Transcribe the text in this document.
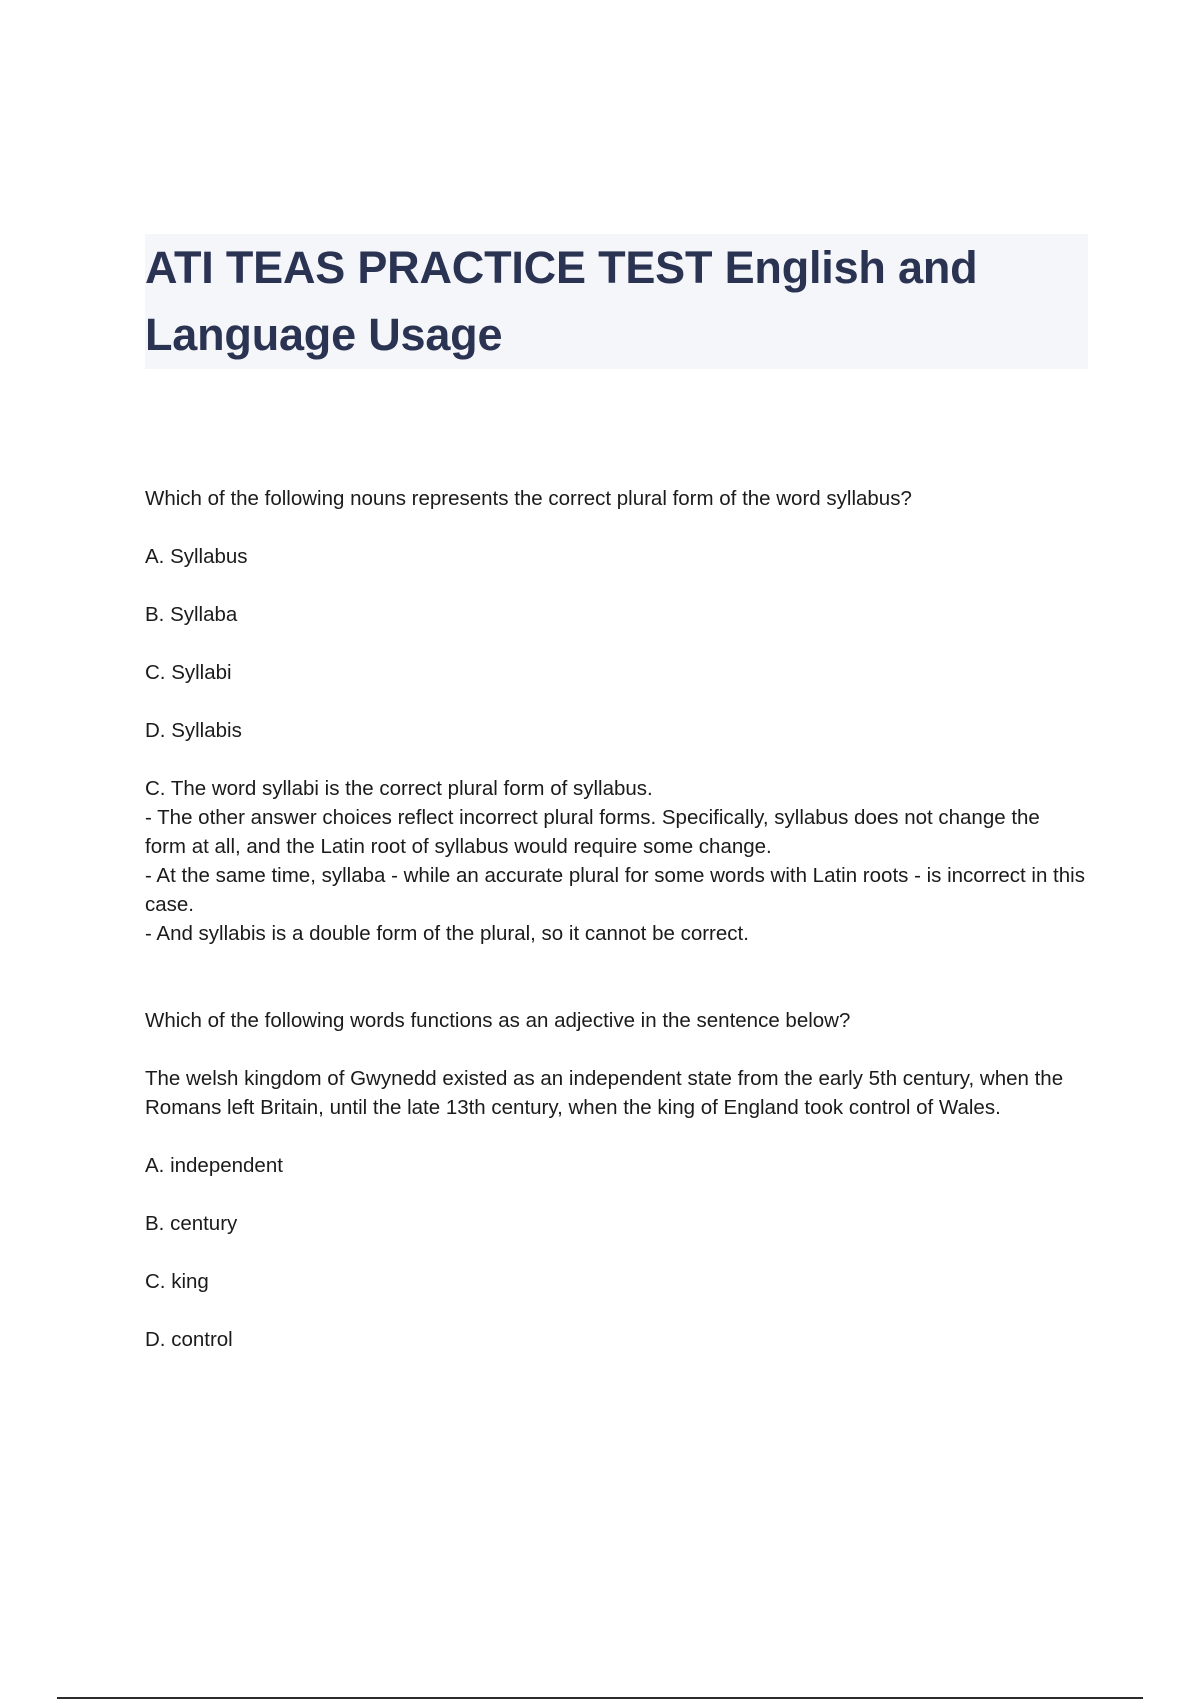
ATI TEAS PRACTICE TEST English and Language Usage

Which of the following nouns represents the correct plural form of the word syllabus?

A. Syllabus

B. Syllaba

C. Syllabi

D. Syllabis

C. The word syllabi is the correct plural form of syllabus.

- The other answer choices reflect incorrect plural forms. Specifically, syllabus does not change the form at all, and the Latin root of syllabus would require some change.

- At the same time, syllaba - while an accurate plural for some words with Latin roots - is incorrect in this case.

- And syllabis is a double form of the plural, so it cannot be correct.

Which of the following words functions as an adjective in the sentence below?

The welsh kingdom of Gwynedd existed as an independent state from the early 5th century, when the Romans left Britain, until the late 13th century, when the king of England took control of Wales.

A. independent

B. century

C. king

D. control
